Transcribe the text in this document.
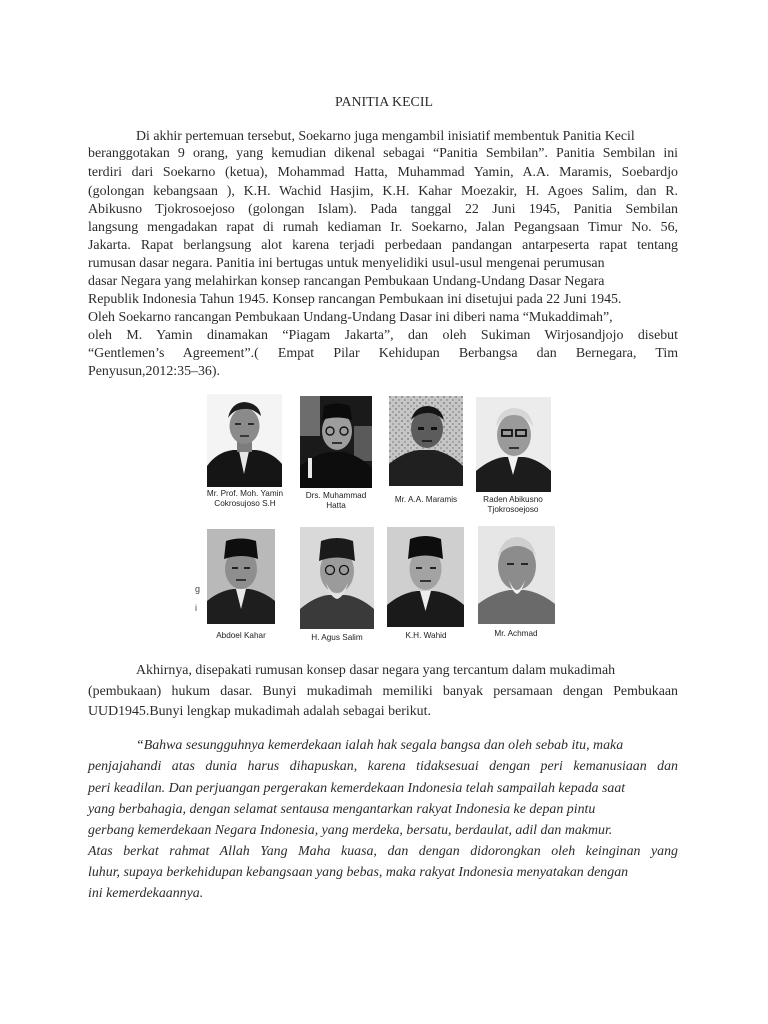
PANITIA KECIL
Di akhir pertemuan tersebut, Soekarno juga mengambil inisiatif membentuk Panitia Kecil
beranggotakan 9 orang, yang kemudian dikenal sebagai “Panitia Sembilan”. Panitia Sembilan ini
terdiri dari Soekarno (ketua), Mohammad Hatta, Muhammad Yamin, A.A. Maramis, Soebardjo
(golongan kebangsaan ), K.H. Wachid Hasjim, K.H. Kahar Moezakir, H. Agoes Salim, dan R.
Abikusno Tjokrosoejoso (golongan Islam). Pada tanggal 22 Juni 1945, Panitia Sembilan
langsung mengadakan rapat di rumah kediaman Ir. Soekarno, Jalan Pegangsaan Timur No. 56,
Jakarta. Rapat berlangsung alot karena terjadi perbedaan pandangan antarpeserta rapat tentang
rumusan dasar negara. Panitia ini bertugas untuk menyelidiki usul-usul mengenai perumusan
dasar Negara yang melahirkan konsep rancangan Pembukaan Undang-Undang Dasar Negara
Republik Indonesia Tahun 1945. Konsep rancangan Pembukaan ini disetujui pada 22 Juni 1945.
Oleh Soekarno rancangan Pembukaan Undang-Undang Dasar ini diberi nama “Mukaddimah”,
oleh M. Yamin dinamakan “Piagam Jakarta”, dan oleh Sukiman Wirjosandjojo disebut
“Gentlemen’s Agreement”.( Empat Pilar Kehidupan Berbangsa dan Bernegara, Tim
Penyusun,2012:35–36).
Mr. Prof. Moh. Yamin
Cokrosujoso S.H
Drs. Muhammad
Hatta
Mr. A.A. Maramis	Raden Abikusno
Tjokrosoejoso
Abdoel Kahar	H. Agus Salim	K.H. Wahid	Mr. Achmad
g
i
Akhirnya, disepakati rumusan konsep dasar negara yang tercantum dalam mukadimah
(pembukaan) hukum dasar. Bunyi mukadimah memiliki banyak persamaan dengan Pembukaan
UUD1945.Bunyi lengkap mukadimah adalah sebagai berikut.
“Bahwa sesungguhnya kemerdekaan ialah hak segala bangsa dan oleh sebab itu, maka
penjajahandi atas dunia harus dihapuskan, karena tidaksesuai dengan peri kemanusiaan dan
peri keadilan. Dan perjuangan pergerakan kemerdekaan Indonesia telah sampailah kepada saat
yang berbahagia, dengan selamat sentausa mengantarkan rakyat Indonesia ke depan pintu
gerbang kemerdekaan Negara Indonesia, yang merdeka, bersatu, berdaulat, adil dan makmur.
Atas berkat rahmat Allah Yang Maha kuasa, dan dengan didorongkan oleh keinginan yang
luhur, supaya berkehidupan kebangsaan yang bebas, maka rakyat Indonesia menyatakan dengan
ini kemerdekaannya.
